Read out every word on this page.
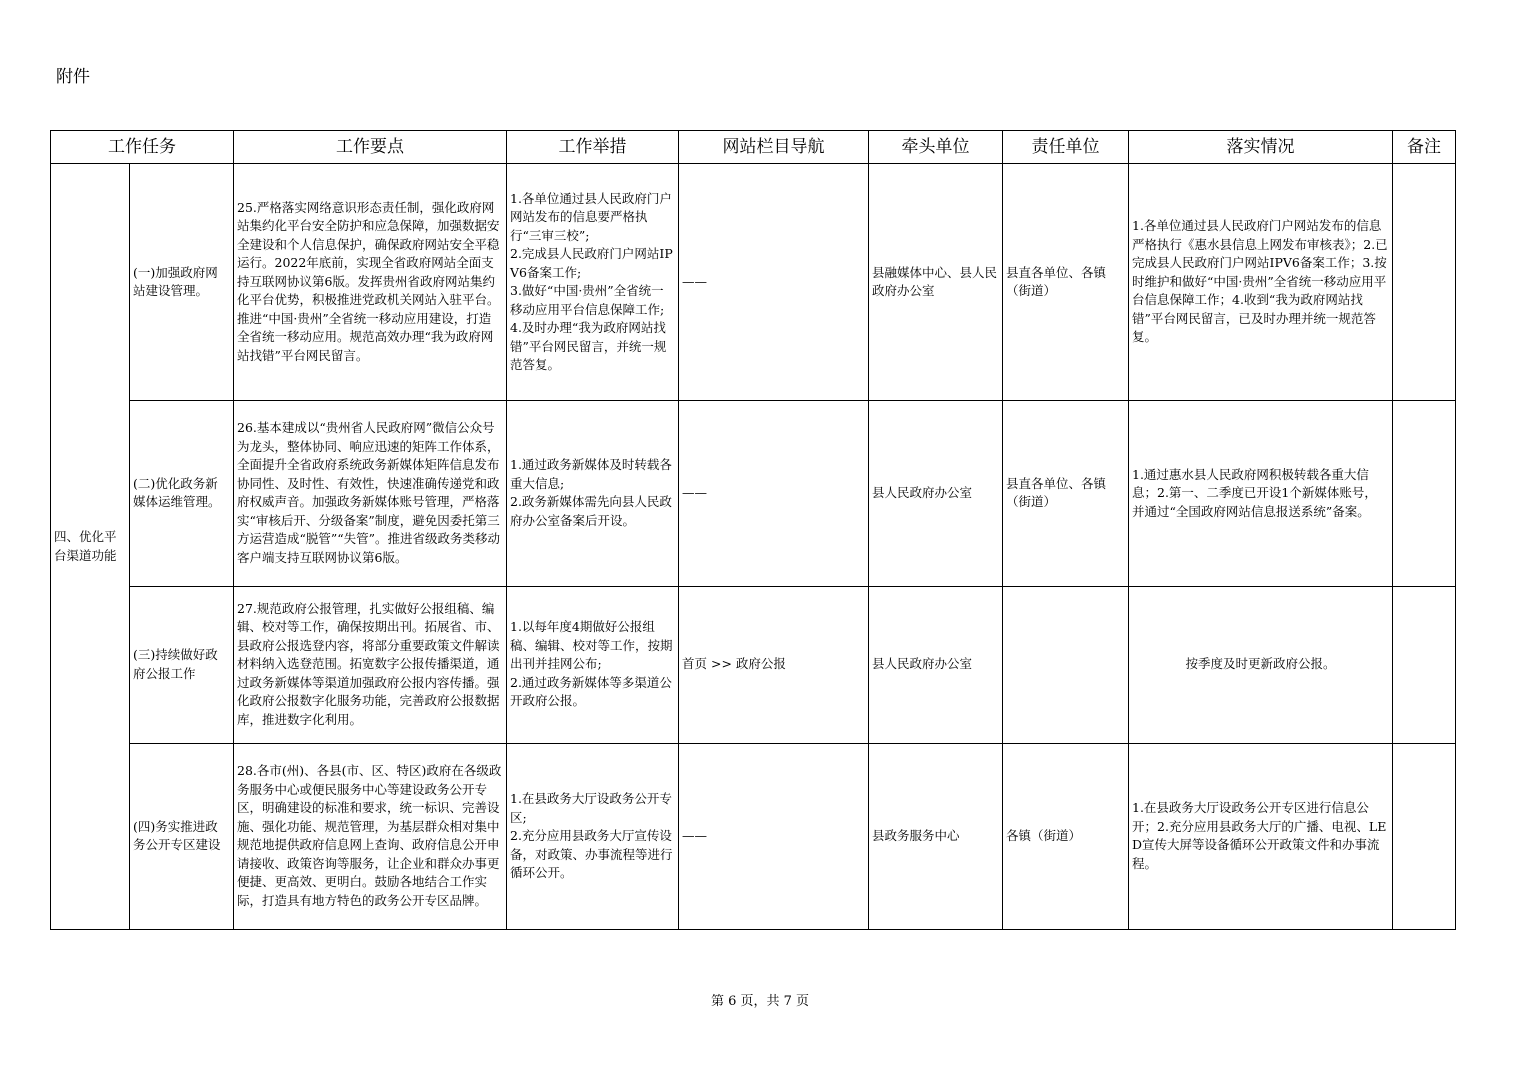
附件
工作任务		工作要点	工作举措	网站栏目导航	牵头单位	责任单位	落实情况	备注
四、优化平台渠道功能	(一)加强政府网站建设管理。	25.严格落实网络意识形态责任制，强化政府网站集约化平台安全防护和应急保障，加强数据安全建设和个人信息保护，确保政府网站安全平稳运行。2022年底前，实现全省政府网站全面支持互联网协议第6版。发挥贵州省政府网站集约化平台优势，积极推进党政机关网站入驻平台。推进“中国·贵州”全省统一移动应用建设，打造全省统一移动应用。规范高效办理“我为政府网站找错”平台网民留言。	1.各单位通过县人民政府门户网站发布的信息要严格执行“三审三校”;
2.完成县人民政府门户网站IPV6备案工作;
3.做好“中国·贵州”全省统一移动应用平台信息保障工作;
4.及时办理“我为政府网站找错”平台网民留言，并统一规范答复。	——	县融媒体中心、县人民政府办公室	县直各单位、各镇（街道）	1.各单位通过县人民政府门户网站发布的信息严格执行《惠水县信息上网发布审核表》；2.已完成县人民政府门户网站IPV6备案工作；3.按时维护和做好“中国·贵州”全省统一移动应用平台信息保障工作；4.收到“我为政府网站找错”平台网民留言，已及时办理并统一规范答复。	
	(二)优化政务新媒体运维管理。	26.基本建成以“贵州省人民政府网”微信公众号为龙头，整体协同、响应迅速的矩阵工作体系，全面提升全省政府系统政务新媒体矩阵信息发布协同性、及时性、有效性，快速准确传递党和政府权威声音。加强政务新媒体账号管理，严格落实“审核后开、分级备案”制度，避免因委托第三方运营造成“脱管”“失管”。推进省级政务类移动客户端支持互联网协议第6版。	1.通过政务新媒体及时转载各重大信息;
2.政务新媒体需先向县人民政府办公室备案后开设。	——	县人民政府办公室	县直各单位、各镇（街道）	1.通过惠水县人民政府网积极转载各重大信息；2.第一、二季度已开设1个新媒体账号，并通过“全国政府网站信息报送系统”备案。	
	(三)持续做好政府公报工作	27.规范政府公报管理，扎实做好公报组稿、编辑、校对等工作，确保按期出刊。拓展省、市、县政府公报选登内容，将部分重要政策文件解读材料纳入选登范围。拓宽数字公报传播渠道，通过政务新媒体等渠道加强政府公报内容传播。强化政府公报数字化服务功能，完善政府公报数据库，推进数字化利用。	1.以每年度4期做好公报组稿、编辑、校对等工作，按期出刊并挂网公布;
2.通过政务新媒体等多渠道公开政府公报。	首页 >> 政府公报	县人民政府办公室		按季度及时更新政府公报。	
	(四)务实推进政务公开专区建设	28.各市(州)、各县(市、区、特区)政府在各级政务服务中心或便民服务中心等建设政务公开专区，明确建设的标准和要求，统一标识、完善设施、强化功能、规范管理，为基层群众相对集中规范地提供政府信息网上查询、政府信息公开申请接收、政策咨询等服务，让企业和群众办事更便捷、更高效、更明白。鼓励各地结合工作实际，打造具有地方特色的政务公开专区品牌。	1.在县政务大厅设政务公开专区;
2.充分应用县政务大厅宣传设备，对政策、办事流程等进行循环公开。	——	县政务服务中心	各镇（街道）	1.在县政务大厅设政务公开专区进行信息公开；2.充分应用县政务大厅的广播、电视、LED宣传大屏等设备循环公开政策文件和办事流程。	
第 6 页，共 7 页
